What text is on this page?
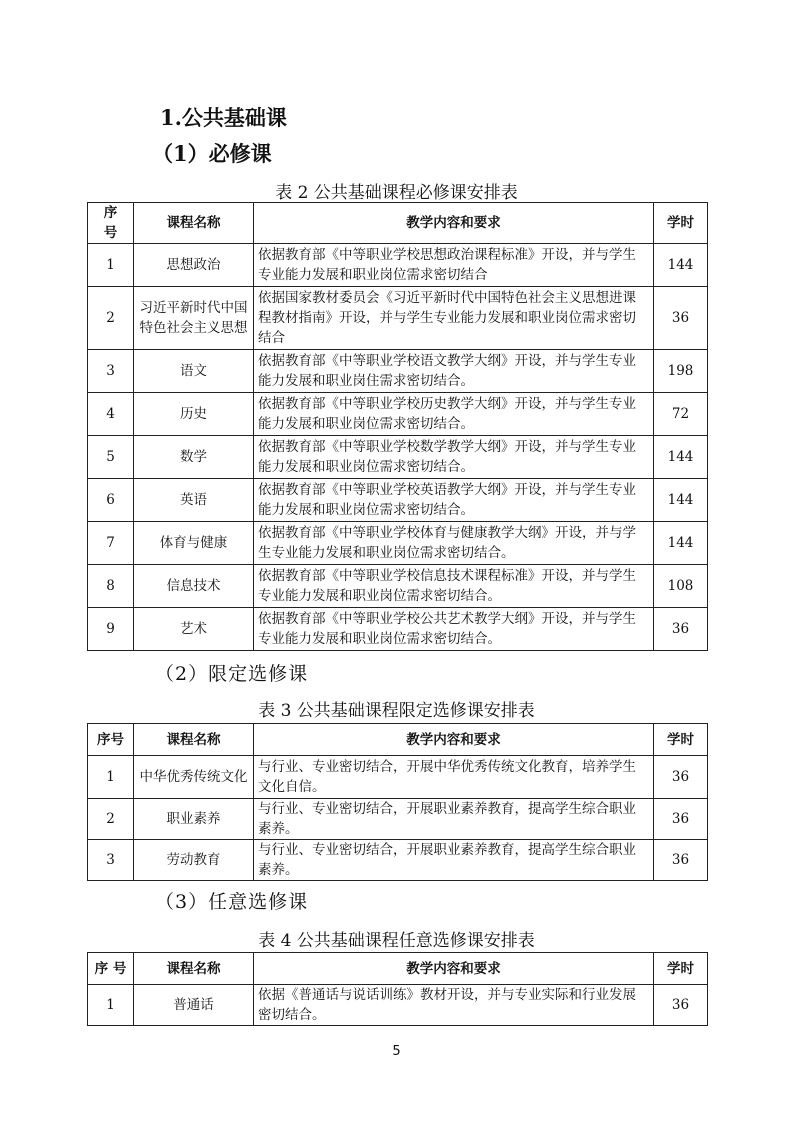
1.公共基础课
（1）必修课
表 2 公共基础课程必修课安排表
序号	课程名称	教学内容和要求	学时
1	思想政治	依据教育部《中等职业学校思想政治课程标准》开设，并与学生专业能力发展和职业岗位需求密切结合	144
2	习近平新时代中国特色社会主义思想	依据国家教材委员会《习近平新时代中国特色社会主义思想进课程教材指南》开设，并与学生专业能力发展和职业岗位需求密切结合	36
3	语文	依据教育部《中等职业学校语文教学大纲》开设，并与学生专业能力发展和职业岗住需求密切结合。	198
4	历史	依据教育部《中等职业学校历史教学大纲》开设，并与学生专业能力发展和职业岗位需求密切结合。	72
5	数学	依据教育部《中等职业学校数学教学大纲》开设，并与学生专业能力发展和职业岗位需求密切结合。	144
6	英语	依据教育部《中等职业学校英语教学大纲》开设，并与学生专业能力发展和职业岗位需求密切结合。	144
7	体育与健康	依据教育部《中等职业学校体育与健康教学大纲》开设，并与学生专业能力发展和职业岗位需求密切结合。	144
8	信息技术	依据教育部《中等职业学校信息技术课程标准》开设，并与学生专业能力发展和职业岗位需求密切结合。	108
9	艺术	依据教育部《中等职业学校公共艺术教学大纲》开设，并与学生专业能力发展和职业岗位需求密切结合。	36
（2）限定选修课
表 3 公共基础课程限定选修课安排表
序号	课程名称	教学内容和要求	学时
1	中华优秀传统文化	与行业、专业密切结合，开展中华优秀传统文化教育，培养学生文化自信。	36
2	职业素养	与行业、专业密切结合，开展职业素养教育，提高学生综合职业素养。	36
3	劳动教育	与行业、专业密切结合，开展职业素养教育，提高学生综合职业素养。	36
（3）任意选修课
表 4 公共基础课程任意选修课安排表
序 号	课程名称	教学内容和要求	学时
1	普通话	依据《普通话与说话训练》教材开设，并与专业实际和行业发展密切结合。	36
5
